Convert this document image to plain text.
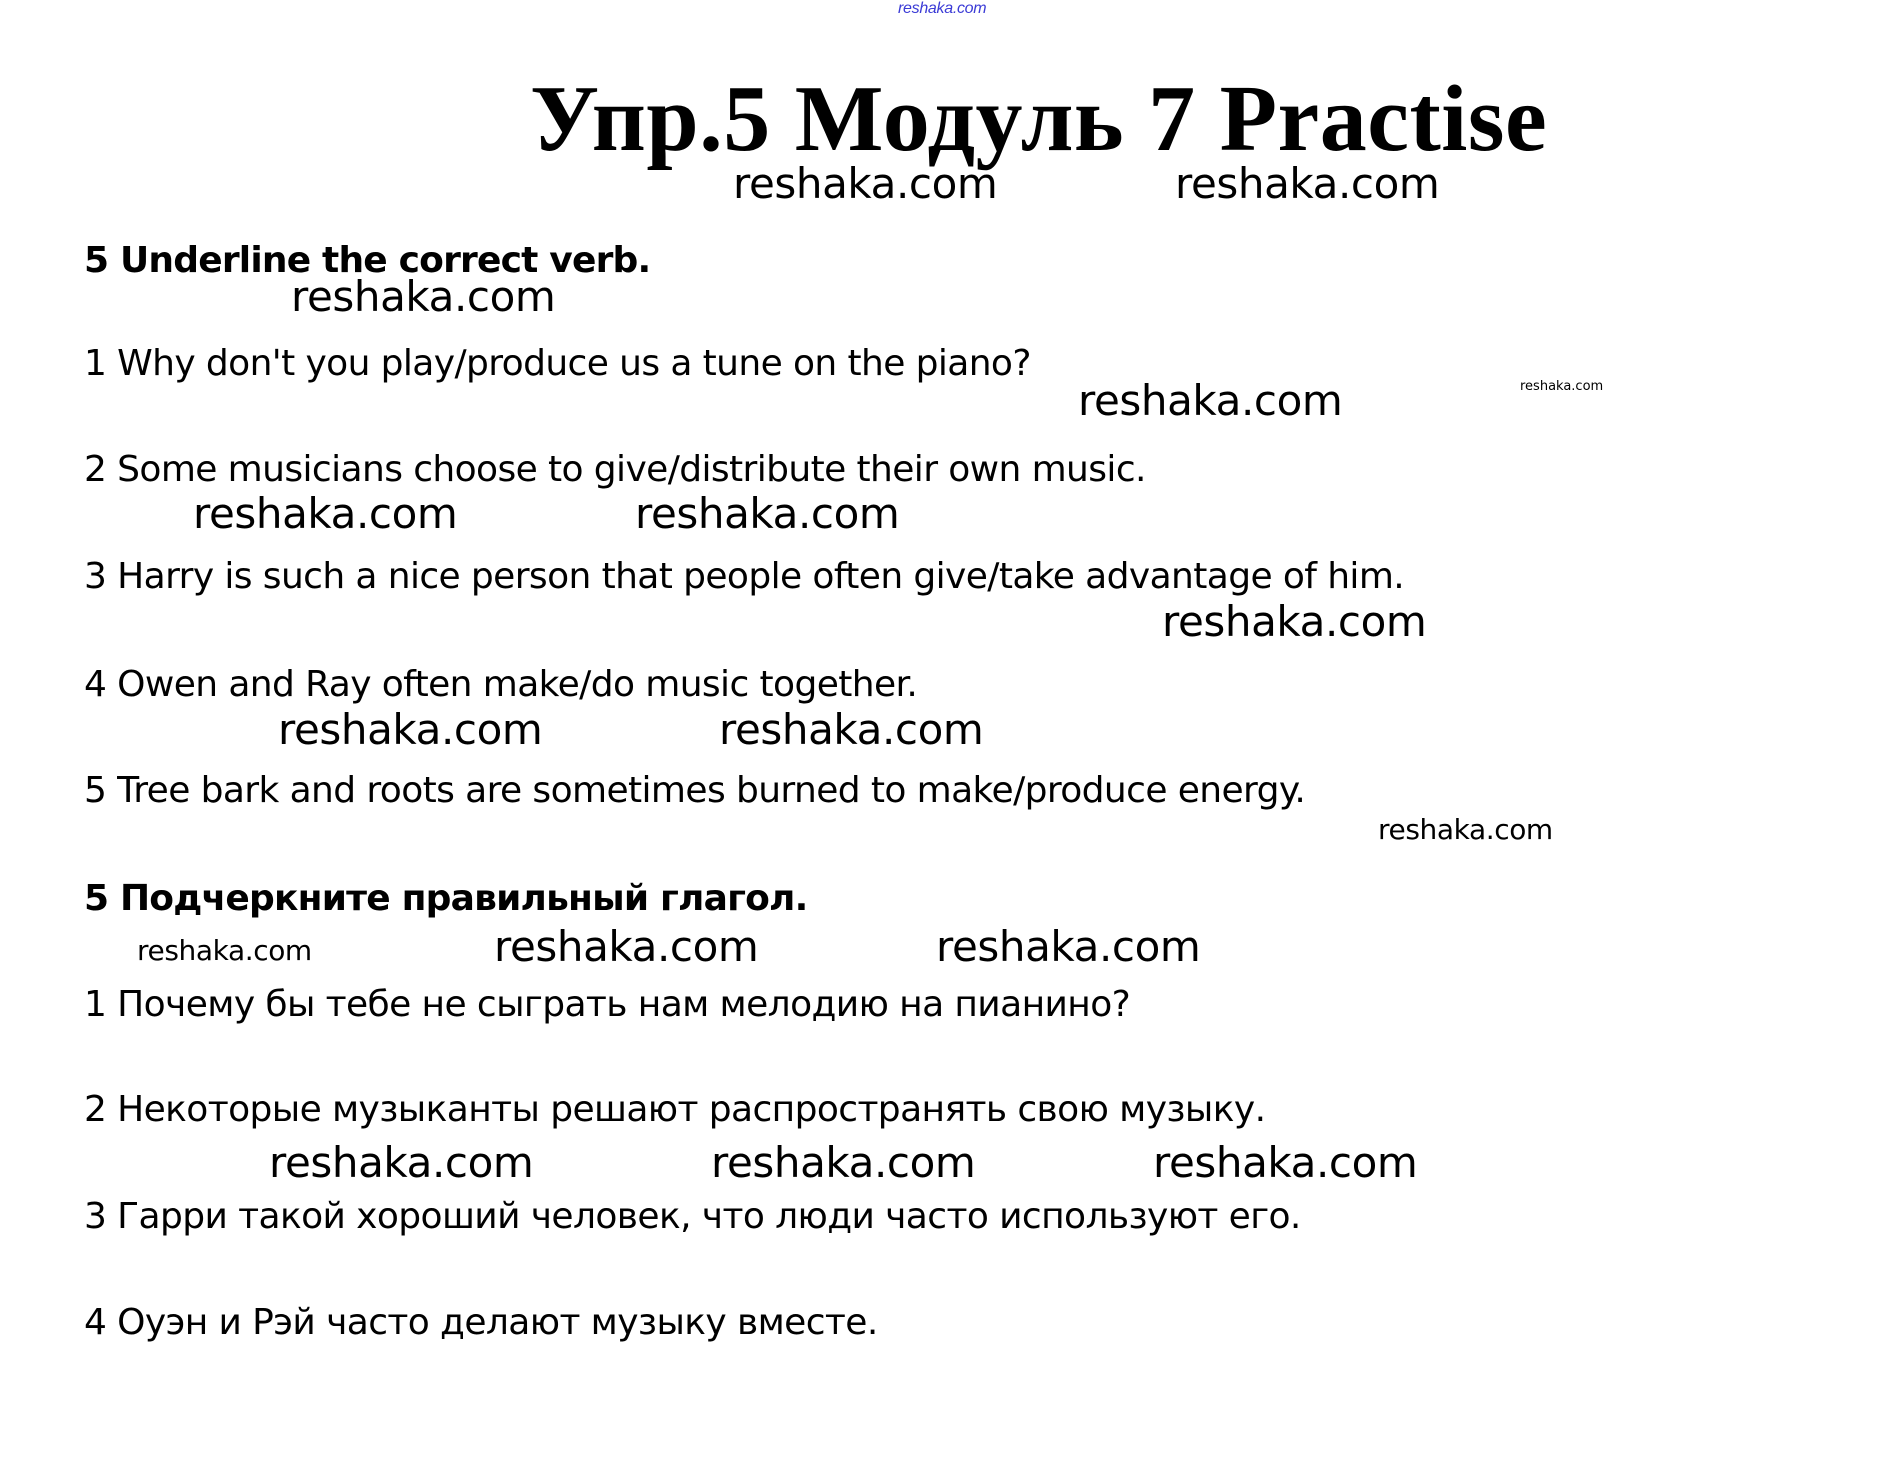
reshaka.com
Упр.5 Модуль 7 Practise
reshaka.com	reshaka.com
5 Underline the correct verb.
reshaka.com
1 Why don't you play/produce us a tune on the piano?
reshaka.com	reshaka.com
2 Some musicians choose to give/distribute their own music.
reshaka.com	reshaka.com
3 Harry is such a nice person that people often give/take advantage of him.
reshaka.com
4 Owen and Ray often make/do music together.
reshaka.com	reshaka.com
5 Tree bark and roots are sometimes burned to make/produce energy.
reshaka.com
5 Подчеркните правильный глагол.
reshaka.com	reshaka.com	reshaka.com
1 Почему бы тебе не сыграть нам мелодию на пианино?
2 Некоторые музыканты решают распространять свою музыку.
reshaka.com	reshaka.com	reshaka.com
3 Гарри такой хороший человек, что люди часто используют его.
4 Оуэн и Рэй часто делают музыку вместе.
